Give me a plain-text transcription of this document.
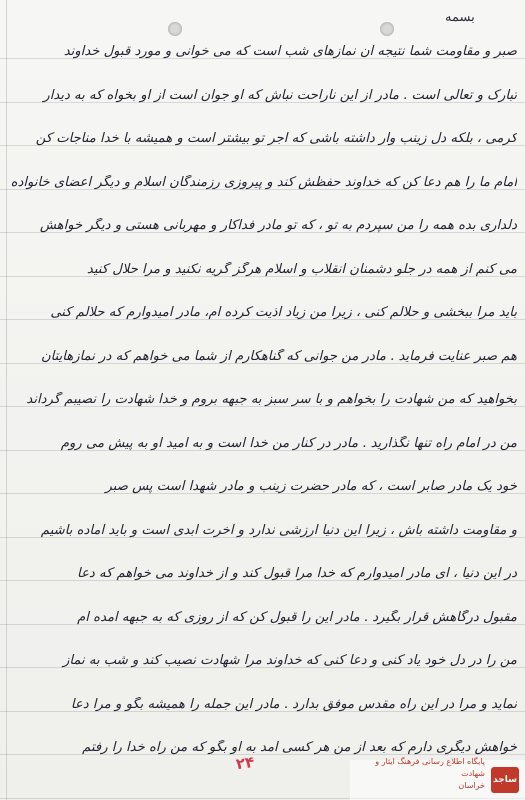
بسمه
صبر و مقاومت شما نتیجه آن نمازهای شب است که می خوانی و مورد قبول خداوند
تبارک و تعالی است . مادر از این ناراحت نباش که او جوان است از او بخواه که به دیدار
کرمی ، بلکه دل زینب وار داشته باشی که اجر تو بیشتر است و همیشه با خدا مناجات کن
امام ما را هم دعا کن که خداوند حفظش کند و پیروزی رزمندگان اسلام و دیگر اعضای خانواده
دلداری بده همه را من سپردم به تو ، که تو مادر فداکار و مهربانی هستی و دیگر خواهش
می کنم از همه در جلو دشمنان انقلاب و اسلام هرگز گریه نکنید و مرا حلال کنید
باید مرا ببخشی و حلالم کنی ، زیرا من زیاد اذیت کرده ام، مادر امیدوارم که حلالم کنی
هم صبر عنایت فرماید . مادر من جوانی که گناهکارم از شما می خواهم که در نمازهایتان
بخواهید که من شهادت را بخواهم و با سر سبز به جبهه بروم و خدا شهادت را نصیبم گرداند
من در امام راه تنها نگذارید . مادر در کنار من خدا است و به امید او به پیش می روم
خود یک مادر صابر است ، که مادر حضرت زینب و مادر شهدا است پس صبر
و مقاومت داشته باش ، زیرا این دنیا ارزشی ندارد و آخرت ابدی است و باید آماده باشیم
در این دنیا ، ای مادر امیدوارم که خدا مرا قبول کند و از خداوند می خواهم که دعا
مقبول درگاهش قرار بگیرد . مادر این را قبول کن که از روزی که به جبهه آمده ام
من را در دل خود یاد کنی و دعا کنی که خداوند مرا شهادت نصیب کند و شب به نماز
نماید و مرا در این راه مقدس موفق بدارد . مادر این جمله را همیشه بگو و مرا دعا
خواهش دیگری دارم که بعد از من هر کسی آمد به او بگو که من راه خدا را رفتم
۲۴
ساجد
پایگاه اطلاع رسانی فرهنگ ایثار و شهادت
خراسان
